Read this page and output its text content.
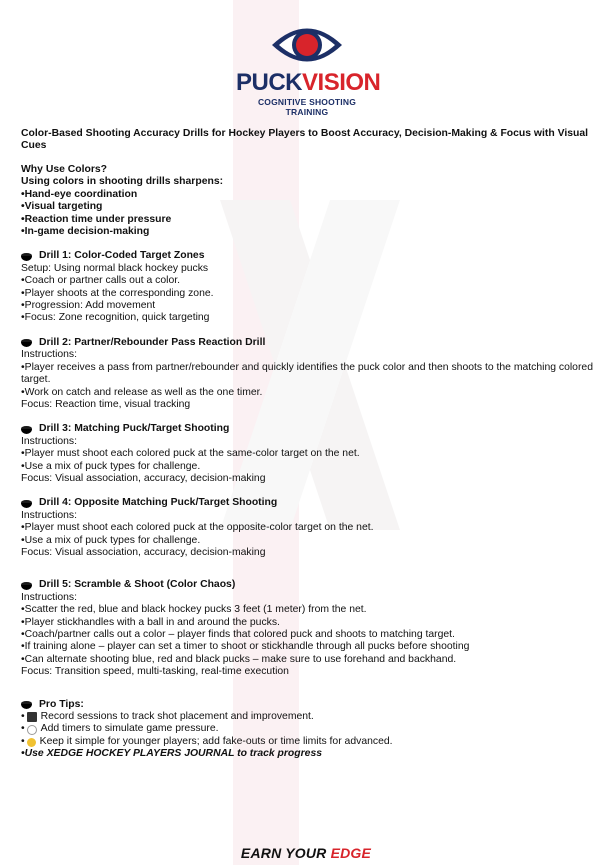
PUCKVISION
COGNITIVE SHOOTING TRAINING

Color-Based Shooting Accuracy Drills for Hockey Players to Boost Accuracy, Decision-Making & Focus with Visual Cues

Why Use Colors?

Using colors in shooting drills sharpens:

•Hand-eye coordination

•Visual targeting

•Reaction time under pressure

•In-game decision-making

Drill 1: Color-Coded Target Zones

Setup: Using normal black hockey pucks

•Coach or partner calls out a color.

•Player shoots at the corresponding zone.

•Progression: Add movement

•Focus: Zone recognition, quick targeting

Drill 2: Partner/Rebounder Pass Reaction Drill

Instructions:

•Player receives a pass from partner/rebounder and quickly identifies the puck color and then shoots to the matching colored target.

•Work on catch and release as well as the one timer.

Focus: Reaction time, visual tracking

Drill 3: Matching Puck/Target Shooting

Instructions:

•Player must shoot each colored puck at the same-color target on the net.

•Use a mix of puck types for challenge.

Focus: Visual association, accuracy, decision-making

Drill 4: Opposite Matching Puck/Target Shooting

Instructions:

•Player must shoot each colored puck at the opposite-color target on the net.

•Use a mix of puck types for challenge.

Focus: Visual association, accuracy, decision-making

Drill 5: Scramble & Shoot (Color Chaos)

Instructions:

•Scatter the red, blue and black hockey pucks 3 feet (1 meter) from the net.

•Player stickhandles with a ball in and around the pucks.

•Coach/partner calls out a color – player finds that colored puck and shoots to matching target.

•If training alone – player can set a timer to shoot or stickhandle through all pucks before shooting

•Can alternate shooting blue, red and black pucks – make sure to use forehand and backhand.

Focus: Transition speed, multi-tasking, real-time execution

Pro Tips:

• Record sessions to track shot placement and improvement.

• Add timers to simulate game pressure.

• Keep it simple for younger players; add fake-outs or time limits for advanced.

•Use XEDGE HOCKEY PLAYERS JOURNAL to track progress

EARN YOUR EDGE
